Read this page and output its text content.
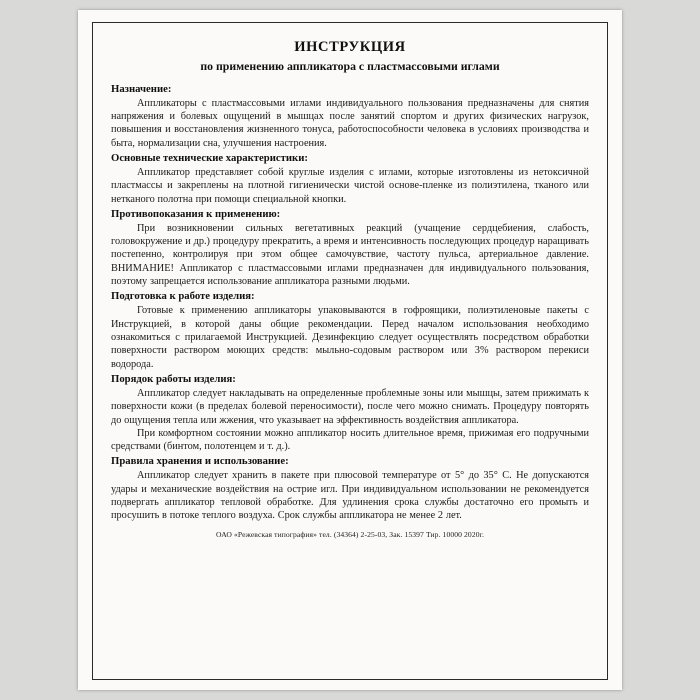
ИНСТРУКЦИЯ
по применению аппликатора с пластмассовыми иглами
Назначение:

Аппликаторы с пластмассовыми иглами индивидуального пользования предназначены для снятия напряжения и болевых ощущений в мышцах после занятий спортом и других физических нагрузок, повышения и восстановления жизненного тонуса, работоспособности человека в условиях производства и быта, нормализации сна, улучшения настроения.

Основные технические характеристики:

Аппликатор представляет собой круглые изделия с иглами, которые изготовлены из нетоксичной пластмассы и закреплены на плотной гигиенически чистой основе-пленке из полиэтилена, тканого или нетканого полотна при помощи специальной кнопки.

Противопоказания к применению:

При возникновении сильных вегетативных реакций (учащение сердцебиения, слабость, головокружение и др.) процедуру прекратить, а время и интенсивность последующих процедур наращивать постепенно, контролируя при этом общее самочувствие, частоту пульса, артериальное давление. ВНИМАНИЕ! Аппликатор с пластмассовыми иглами предназначен для индивидуального пользования, поэтому запрещается использование аппликатора разными людьми.

Подготовка к работе изделия:

Готовые к применению аппликаторы упаковываются в гофроящики, полиэтиленовые пакеты с Инструкцией, в которой даны общие рекомендации. Перед началом использования необходимо ознакомиться с прилагаемой Инструкцией. Дезинфекцию следует осуществлять посредством обработки поверхности раствором моющих средств: мыльно-содовым раствором или 3% раствором перекиси водорода.

Порядок работы изделия:

Аппликатор следует накладывать на определенные проблемные зоны или мышцы, затем прижимать к поверхности кожи (в пределах болевой переносимости), после чего можно снимать. Процедуру повторять до ощущения тепла или жжения, что указывает на эффективность воздействия аппликатора.

При комфортном состоянии можно аппликатор носить длительное время, прижимая его подручными средствами (бинтом, полотенцем и т. д.).

Правила хранения и использование:

Аппликатор следует хранить в пакете при плюсовой температуре от 5° до 35° С. Не допускаются удары и механические воздействия на острие игл. При индивидуальном использовании не рекомендуется подвергать аппликатор тепловой обработке. Для удлинения срока службы достаточно его промыть и просушить в потоке теплого воздуха. Срок службы аппликатора не менее 2 лет.

ОАО «Режевская типография» тел. (34364) 2-25-03, Зак. 15397 Тир. 10000 2020г.
